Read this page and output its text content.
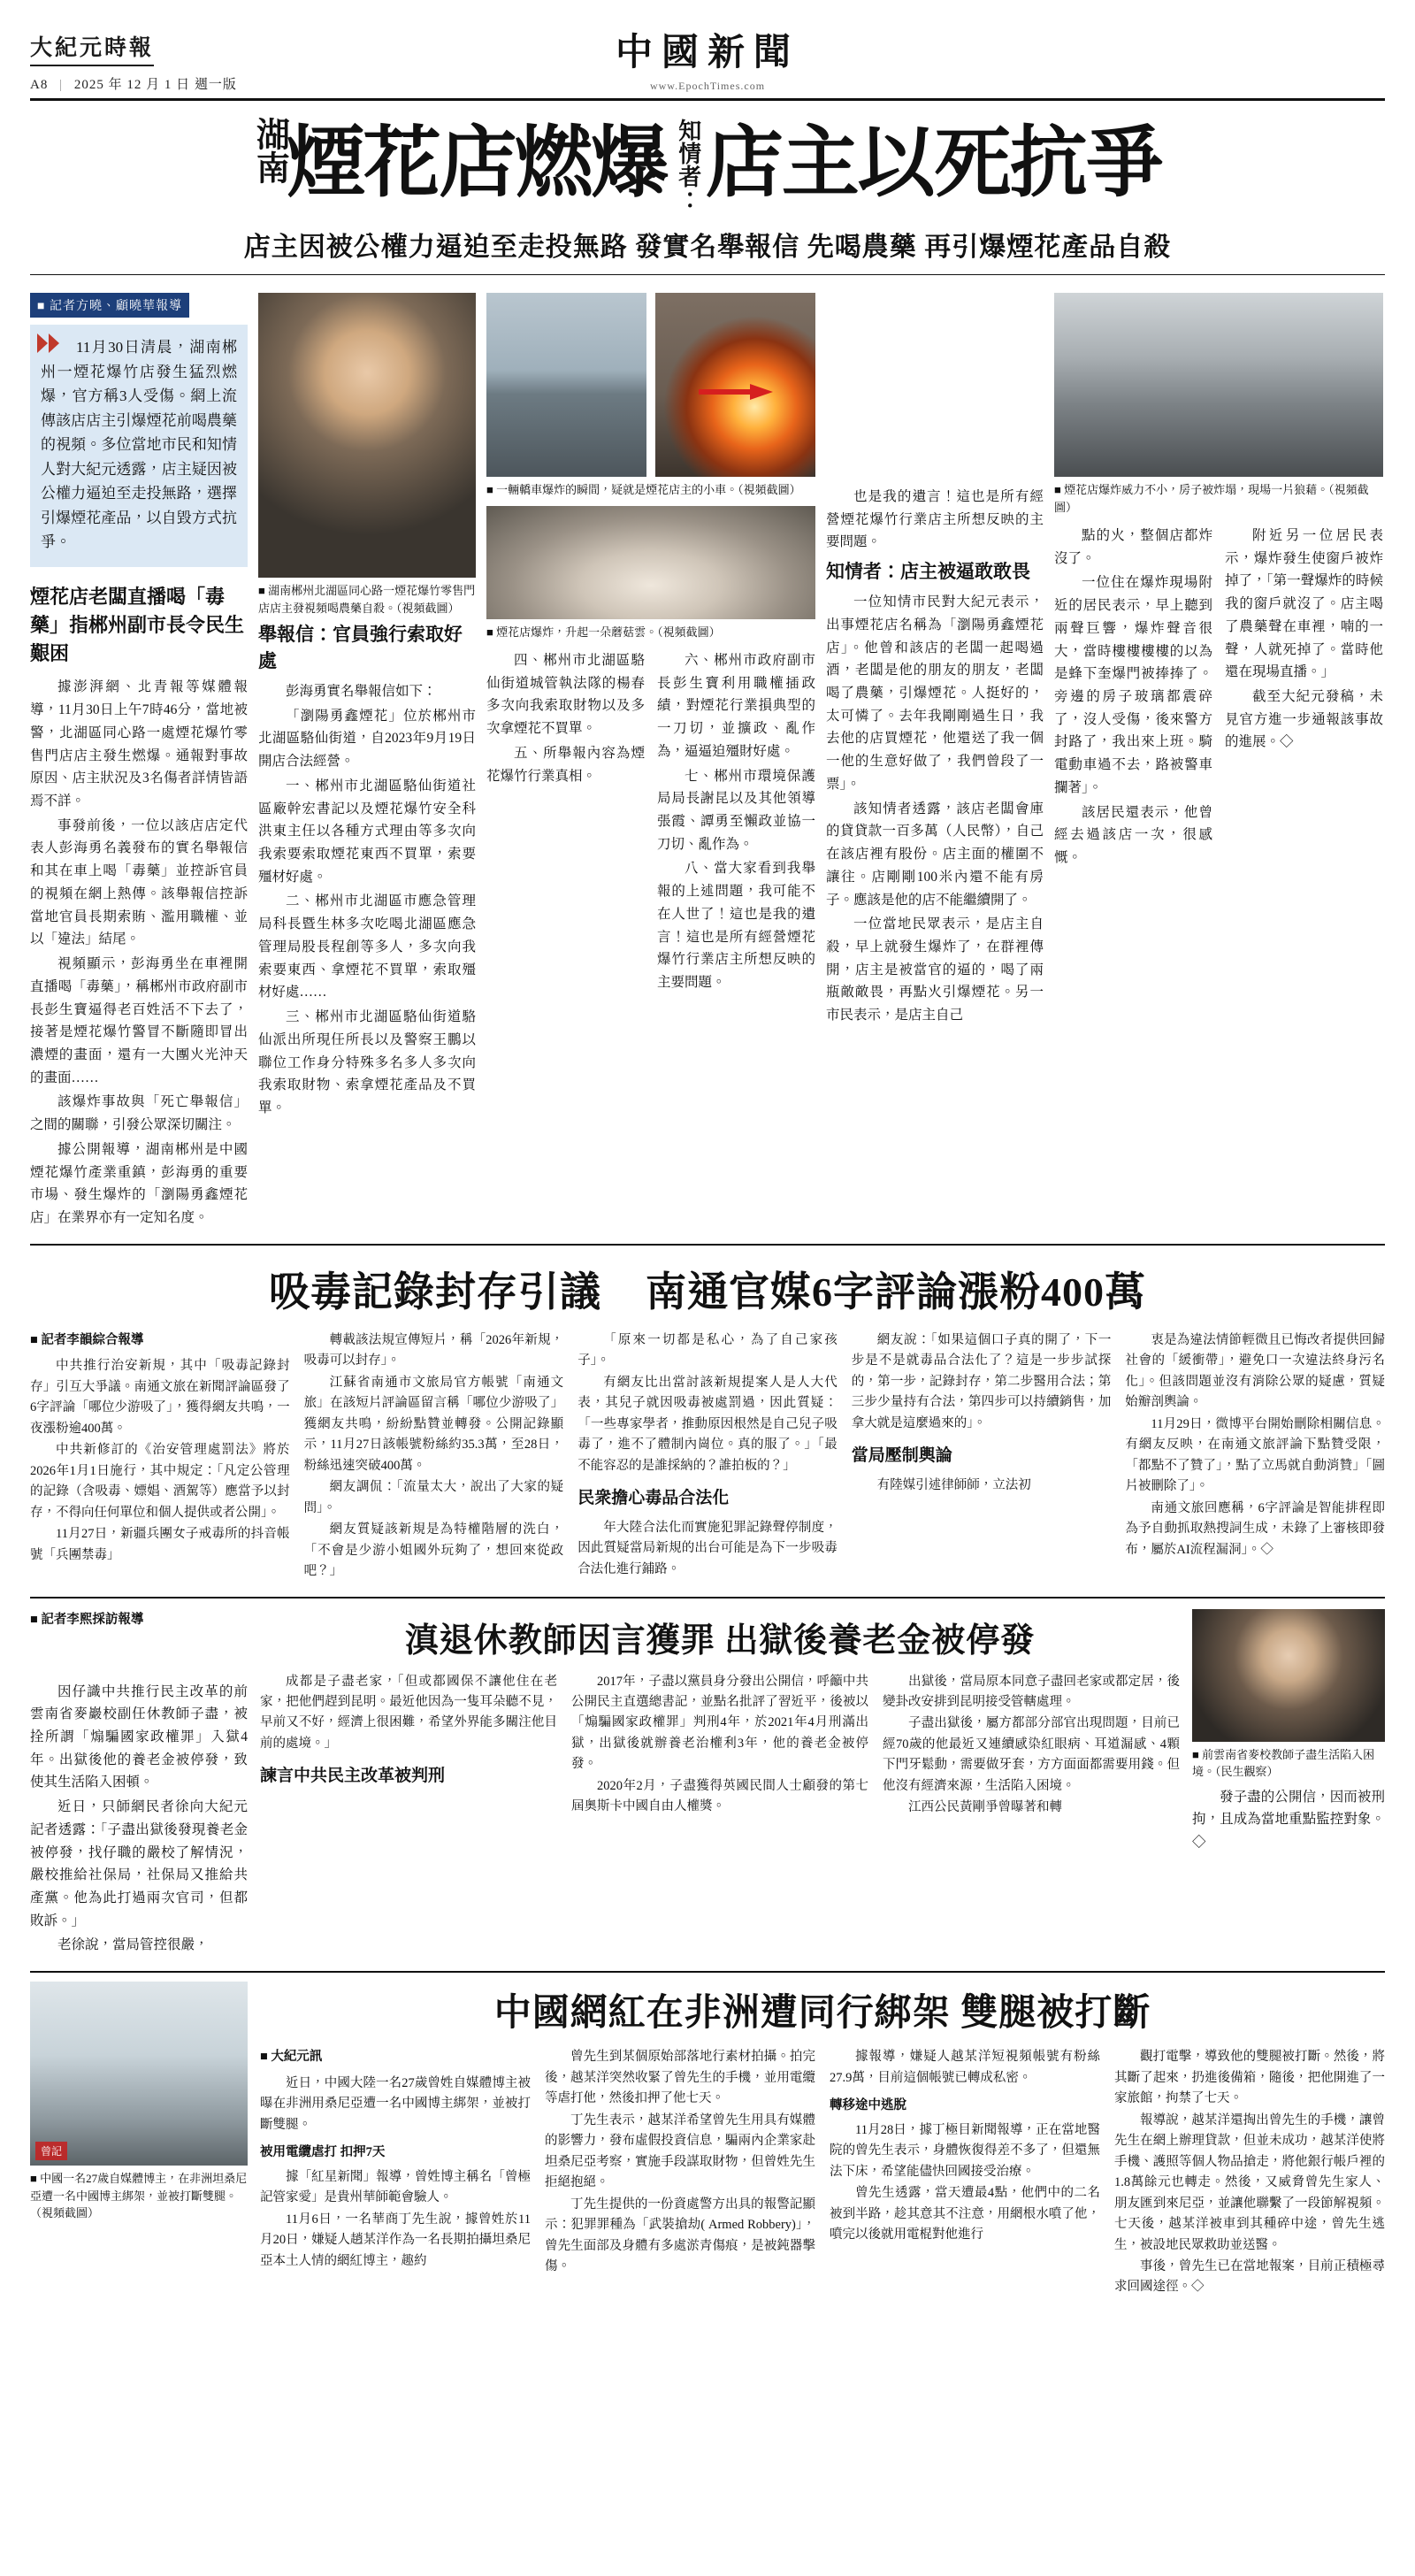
大紀元時報
A8 | 2025 年 12 月 1 日 週一版
中國新聞
www.EpochTimes.com
湖南 煙花店燃爆 知情者： 店主以死抗爭
店主因被公權力逼迫至走投無路 發實名舉報信 先喝農藥 再引爆煙花產品自殺
■ 記者方曉、顧曉華報導

11月30日清晨，湖南郴州一煙花爆竹店發生猛烈燃爆，官方稱3人受傷。網上流傳該店店主引爆煙花前喝農藥的視頻。多位當地市民和知情人對大紀元透露，店主疑因被公權力逼迫至走投無路，選擇引爆煙花產品，以自毀方式抗爭。

煙花店老闆直播喝「毒藥」指郴州副市長令民生艱困

據澎湃網、北青報等媒體報導，11月30日上午7時46分，當地被警，北湖區同心路一處煙花爆竹零售門店店主發生燃爆。通報對事故原因、店主狀況及3名傷者詳情皆語焉不詳。

事發前後，一位以該店店定代表人彭海勇名義發布的實名舉報信和其在車上喝「毒藥」並控訴官員的視頻在網上熱傳。該舉報信控訴當地官員長期索賄、濫用職權、並以「違法」結尾。

視頻顯示，彭海勇坐在車裡開直播喝「毒藥」，稱郴州市政府副市長彭生寶逼得老百姓活不下去了，接著是煙花爆竹警冒不斷隨即冒出濃煙的畫面，還有一大團火光沖天的畫面……

該爆炸事故與「死亡舉報信」之間的關聯，引發公眾深切關注。

據公開報導，湖南郴州是中國煙花爆竹產業重鎮，彭海勇的重要市場、發生爆炸的「瀏陽勇鑫煙花店」在業界亦有一定知名度。

■ 湖南郴州北湖區同心路一煙花爆竹零售門店店主發視頻喝農藥自殺。（視頻截圖）
舉報信：官員強行索取好處

彭海勇實名舉報信如下：

「瀏陽勇鑫煙花」位於郴州市北湖區駱仙街道，自2023年9月19日開店合法經營。

一、郴州市北湖區駱仙街道社區廠幹宏書記以及煙花爆竹安全科洪東主任以各種方式理由等多次向我索要索取煙花東西不買單，索要殭材好處。

二、郴州市北湖區市應急管理局科長暨生林多次吃喝北湖區應急管理局股長程創等多人，多次向我索要東西、拿煙花不買單，索取殭材好處……

三、郴州市北湖區駱仙街道駱仙派出所現任所長以及警察王鵬以聯位工作身分特殊多名多人多次向我索取財物、索拿煙花產品及不買單。

■ 一輛轎車爆炸的瞬間，疑就是煙花店主的小車。（視頻截圖）
■ 煙花店爆炸，升起一朵蘑菇雲。（視頻截圖）

四、郴州市北湖區駱仙街道城管執法隊的楊春多次向我索取財物以及多次拿煙花不買單。

五、所舉報內容為煙花爆竹行業真相。

六、郴州市政府副市長彭生寶利用職權插政績，對煙花行業損典型的一刀切，並擴政、亂作為，逼逼迫殭財好處。

七、郴州市環境保護局局長謝昆以及其他領導張霞、譚勇至懶政並協一刀切、亂作為。

八、當大家看到我舉報的上述問題，我可能不在人世了！這也是我的遺言！這也是所有經營煙花爆竹行業店主所想反映的主要問題。

也是我的遺言！這也是所有經營煙花爆竹行業店主所想反映的主要問題。

知情者：店主被逼敢敢畏

一位知情市民對大紀元表示，出事煙花店名稱為「瀏陽勇鑫煙花店」。他曾和該店的老闆一起喝過酒，老闆是他的朋友的朋友，老闆喝了農藥，引爆煙花。人挺好的，太可憐了。去年我剛剛過生日，我去他的店買煙花，他還送了我一個一他的生意好做了，我們曾段了一票」。

該知情者透露，該店老闆會庫的貸貸款一百多萬（人民幣），自己在該店裡有股份。店主面的權圍不讓往。店剛剛100米內還不能有房子。應該是他的店不能繼續開了。

一位當地民眾表示，是店主自殺，早上就發生爆炸了，在群裡傳開，店主是被當官的逼的，喝了兩瓶敵敵畏，再點火引爆煙花。另一市民表示，是店主自己

■ 煙花店爆炸威力不小，房子被炸塌，現場一片狼藉。（視頻截圖）

點的火，整個店都炸沒了。

一位住在爆炸現場附近的居民表示，早上聽到兩聲巨響，爆炸聲音很大，當時樓樓樓樓的以為是蜂下奎爆門被捧捧了。旁邊的房子玻璃都震碎了，沒人受傷，後來警方封路了，我出來上班。騎電動車過不去，路被警車攔著」。

該居民還表示，他曾經去過該店一次，很感慨。

附近另一位居民表示，爆炸發生使窗戶被炸掉了，「第一聲爆炸的時候我的窗戶就沒了。店主喝了農藥聲在車裡，喃的一聲，人就死掉了。當時他還在現場直播。」

截至大紀元發稿，未見官方進一步通報該事故的進展。◇

吸毒記錄封存引議 南通官媒6字評論漲粉400萬
■ 記者李韻綜合報導

中共推行治安新規，其中「吸毒記錄封存」引互大爭議。南通文旅在新聞評論區發了6字評論「哪位少游吸了」，獲得網友共鳴，一夜漲粉逾400萬。

中共新修訂的《治安管理處罰法》將於2026年1月1日施行，其中規定：「凡定公管理的記錄（含吸毒、嫖娼、酒駕等）應當予以封存，不得向任何單位和個人提供或者公開」。

11月27日，新疆兵團女子戒毒所的抖音帳號「兵團禁毒」

轉載該法規宣傳短片，稱「2026年新規，吸毒可以封存」。

江蘇省南通市文旅局官方帳號「南通文旅」在該短片評論區留言稱「哪位少游吸了」獲網友共鳴，紛紛點贊並轉發。公開記錄顯示，11月27日該帳號粉絲約35.3萬，至28日，粉絲迅速突破400萬。

網友調侃：「流量太大，說出了大家的疑問」。

網友質疑該新規是為特權階層的洗白，「不會是少游小姐國外玩夠了，想回來從政吧？」

「原來一切都是私心，為了自己家孩子」。

有網友比出當討該新規提案人是人大代表，其兒子就因吸毒被處罰過，因此質疑：「一些專家學者，推動原因根然是自己兒子吸毒了，進不了體制內崗位。真的服了。」「最不能容忍的是誰採納的？誰拍板的？」

民衆擔心毒品合法化

年大陸合法化而實施犯罪記錄聲停制度，因此質疑當局新規的出台可能是為下一步吸毒合法化進行鋪路。

網友說：「如果這個口子真的開了，下一步是不是就毒品合法化了？這是一步步試探的，第一步，記錄封存，第二步醫用合法；第三步少量持有合法，第四步可以持續銷售，加拿大就是這麼過來的」。

當局壓制輿論

有陸媒引述律師師，立法初

衷是為違法情節輕微且已悔改者提供回歸社會的「緩衝帶」，避免口一次違法終身污名化」。但該問題並沒有消除公眾的疑慮，質疑始瓣剖輿論。

11月29日，微博平台開始刪除相關信息。有網友反映，在南通文旅評論下點贊受限，「都點不了贊了」，點了立馬就自動消贊」「圖片被刪除了」。

南通文旅回應稱，6字評論是智能排程即為予自動抓取熱搜詞生成，未錄了上審核即發布，屬於AI流程漏洞」。◇

■ 記者李熙採訪報導

因仔識中共推行民主改革的前雲南省麥巖校副任休教師子盡，被拴所謂「煽騙國家政權罪」入獄4年。出獄後他的養老金被停發，致使其生活陷入困頓。

近日，只師網民者徐向大紀元記者透露：「子盡出獄後發現養老金被停發，找仔職的嚴校了解情況，嚴校推給社保局，社保局又推給共產黨。他為此打過兩次官司，但都敗訴。」

老徐說，當局管控很嚴，

滇退休教師因言獲罪 出獄後養老金被停發

成都是子盡老家，「但或都國保不讓他住在老家，把他們趕到昆明。最近他因為一隻耳朵聽不見，早前又不好，經濟上很困難，希望外界能多關注他目前的處境。」

諫言中共民主改革被判刑

2017年，子盡以黨員身分發出公開信，呼籲中共公開民主直選總書記，並點名批評了習近平，後被以「煽騙國家政權罪」判刑4年，於2021年4月刑滿出獄，出獄後就辦養老治權利3年，他的養老金被停發。

2020年2月，子盡獲得英國民間人士顧發的第七屆奧斯卡中國自由人權獎。

出獄後，當局原本同意子盡回老家或都定居，後變卦改安排到昆明接受管轄處理。

子盡出獄後，屬方都部分部官出現問題，目前已經70歲的他最近又連續感染紅眼病、耳道漏感、4顆下門牙鬆動，需要做牙套，方方面面都需要用錢。但他沒有經濟來源，生活陷入困境。

江西公民黃剛爭曾曝著和轉

■ 前雲南省麥校教師子盡生活陷入困境。（民生觀察）

發子盡的公開信，因而被刑拘，且成為當地重點監控對象。◇

曾記
■ 中國一名27歲自媒體博主，在非洲坦桑尼亞遭一名中國博主綁架，並被打斷雙腿。（視頻截圖）
中國網紅在非洲遭同行綁架 雙腿被打斷
■ 大紀元訊

近日，中國大陸一名27歲曾姓自媒體博主被曝在非洲用桑尼亞遭一名中國博主綁架，並被打斷雙腿。

被用電纜虐打 扣押7天

據「紅星新聞」報導，曾姓博主稱名「曾極記管家愛」是貴州華師範會驗人。

11月6日，一名華商丁先生說，據曾姓於11月20日，嫌疑人趙某洋作為一名長期拍攝坦桑尼亞本土人情的網紅博主，趣約

曾先生到某個原始部落地行素材拍攝。拍完後，越某洋突然收緊了曾先生的手機，並用電纜等虐打他，然後扣押了他七天。

丁先生表示，越某洋希望曾先生用具有媒體的影響力，發布虛假投資信息，騙兩內企業家赴坦桑尼亞考察，實施手段謀取財物，但曾姓先生拒絕抱絕。

丁先生提供的一份資處警方出具的報警記顯示：犯罪罪種為「武裝搶劫( Armed Robbery)」，曾先生面部及身體有多處淤青傷痕，是被鈍器擊傷。

據報導，嫌疑人越某洋短視頻帳號有粉絲27.9萬，目前這個帳號已轉成私密。

轉移途中逃脫

11月28日，據丁極目新聞報導，正在當地醫院的曾先生表示，身體恢復得差不多了，但還無法下床，希望能儘快回國接受治療。

曾先生透露，當天遭最4點，他們中的二名被到半路，趁其意其不注意，用網根水噴了他，噴完以後就用電棍對他進行

觀打電擊，導致他的雙腿被打斷。然後，將其斷了起來，扔進後備箱，隨後，把他開進了一家旅館，拘禁了七天。

報導說，越某洋還掏出曾先生的手機，讓曾先生在網上辦理貸款，但並未成功，越某洋使將手機、護照等個人物品搶走，將他銀行帳戶裡的1.8萬餘元也轉走。然後，又威脅曾先生家人、朋友匯到來尼亞，並讓他聯繫了一段節解視頻。七天後，越某洋被車到其種碎中途，曾先生逃生，被設地民眾救助並送醫。

事後，曾先生已在當地報案，目前正積極尋求回國途徑。◇
